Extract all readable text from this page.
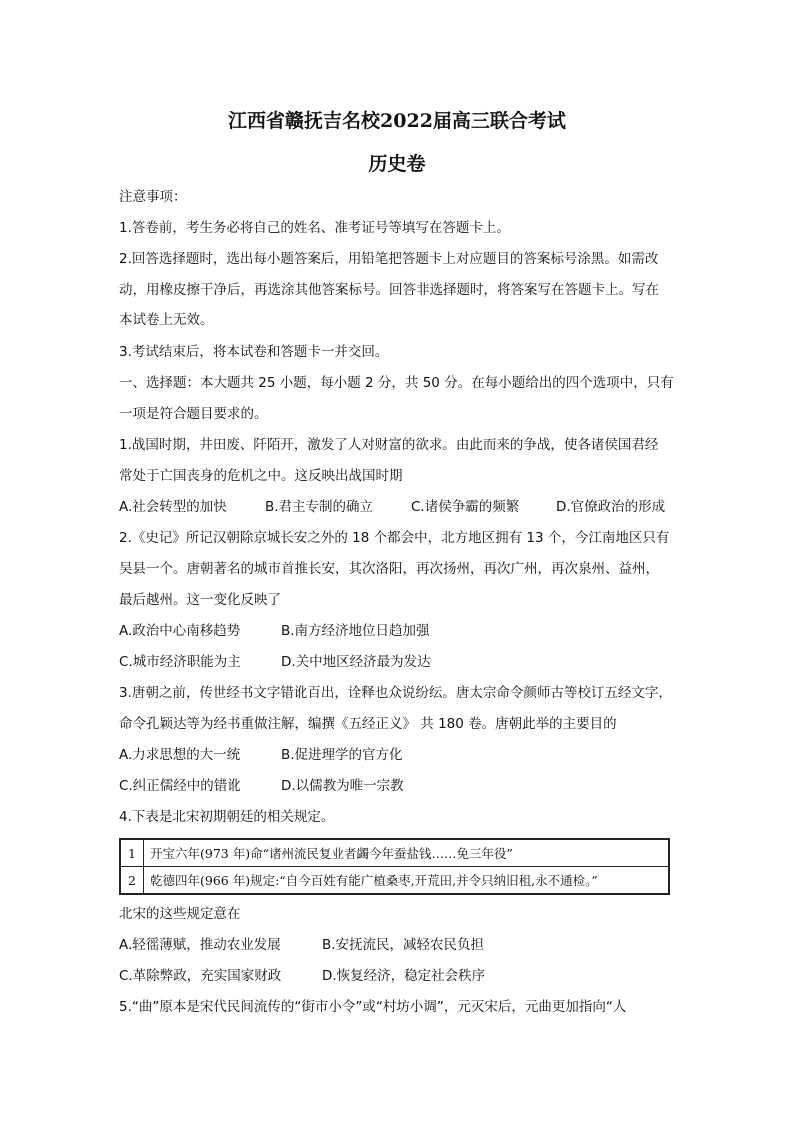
江西省赣抚吉名校2022届高三联合考试
历史卷
注意事项：
1.答卷前，考生务必将自己的姓名、准考证号等填写在答题卡上。
2.回答选择题时，选出每小题答案后，用铅笔把答题卡上对应题目的答案标号涂黑。如需改
动，用橡皮擦干净后，再选涂其他答案标号。回答非选择题时，将答案写在答题卡上。写在
本试卷上无效。
3.考试结束后，将本试卷和答题卡一并交回。
一、选择题：本大题共 25 小题，每小题 2 分，共 50 分。在每小题给出的四个选项中，只有
一项是符合题目要求的。
1.战国时期，井田废、阡陌开，激发了人对财富的欲求。由此而来的争战，使各诸侯国君经
常处于亡国丧身的危机之中。这反映出战国时期
A.社会转型的加快	B.君主专制的确立	C.诸侯争霸的频繁	D.官僚政治的形成
2.《史记》所记汉朝除京城长安之外的 18 个都会中，北方地区拥有 13 个，今江南地区只有
吴县一个。唐朝著名的城市首推长安，其次洛阳，再次扬州，再次广州，再次泉州、益州，
最后越州。这一变化反映了
A.政治中心南移趋势	B.南方经济地位日趋加强
C.城市经济职能为主	D.关中地区经济最为发达
3.唐朝之前，传世经书文字错讹百出，诠释也众说纷纭。唐太宗命令颜师古等校订五经文字，
命令孔颖达等为经书重做注解，编撰《五经正义》 共 180 卷。唐朝此举的主要目的
A.力求思想的大一统	B.促进理学的官方化
C.纠正儒经中的错讹	D.以儒教为唯一宗教
4.下表是北宋初期朝廷的相关规定。
1	开宝六年(973 年)命“诸州流民复业者蠲今年蚕盐钱……免三年役”
2	乾德四年(966 年)规定:“自今百姓有能广植桑枣,开荒田,并令只纳旧租,永不通检。”
北宋的这些规定意在
A.轻徭薄赋，推动农业发展	B.安抚流民，减轻农民负担
C.革除弊政，充实国家财政	D.恢复经济，稳定社会秩序
5.“曲”原本是宋代民间流传的“街市小令”或“村坊小调”，元灭宋后，元曲更加指向“人
